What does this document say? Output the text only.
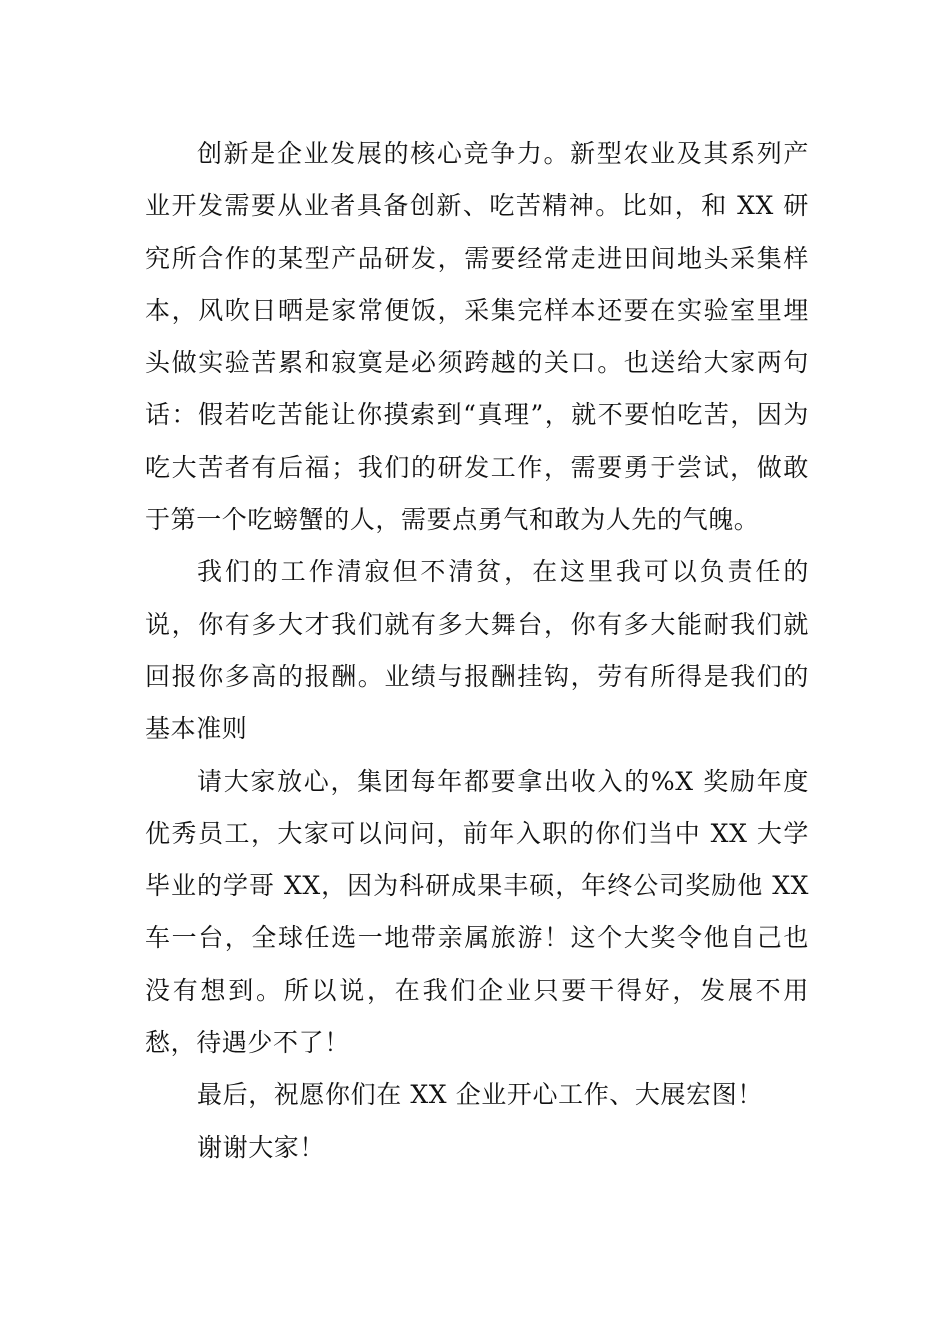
创新是企业发展的核心竞争力。新型农业及其系列产业开发需要从业者具备创新、吃苦精神。比如，和 XX 研究所合作的某型产品研发，需要经常走进田间地头采集样本，风吹日晒是家常便饭，采集完样本还要在实验室里埋头做实验苦累和寂寞是必须跨越的关口。也送给大家两句话：假若吃苦能让你摸索到“真理”，就不要怕吃苦，因为吃大苦者有后福；我们的研发工作，需要勇于尝试，做敢于第一个吃螃蟹的人，需要点勇气和敢为人先的气魄。

我们的工作清寂但不清贫，在这里我可以负责任的说，你有多大才我们就有多大舞台，你有多大能耐我们就回报你多高的报酬。业绩与报酬挂钩，劳有所得是我们的基本准则

请大家放心，集团每年都要拿出收入的%X 奖励年度优秀员工，大家可以问问，前年入职的你们当中 XX 大学毕业的学哥 XX，因为科研成果丰硕，年终公司奖励他 XX 车一台，全球任选一地带亲属旅游！这个大奖令他自己也没有想到。所以说，在我们企业只要干得好，发展不用愁，待遇少不了！

最后，祝愿你们在 XX 企业开心工作、大展宏图！

谢谢大家！
